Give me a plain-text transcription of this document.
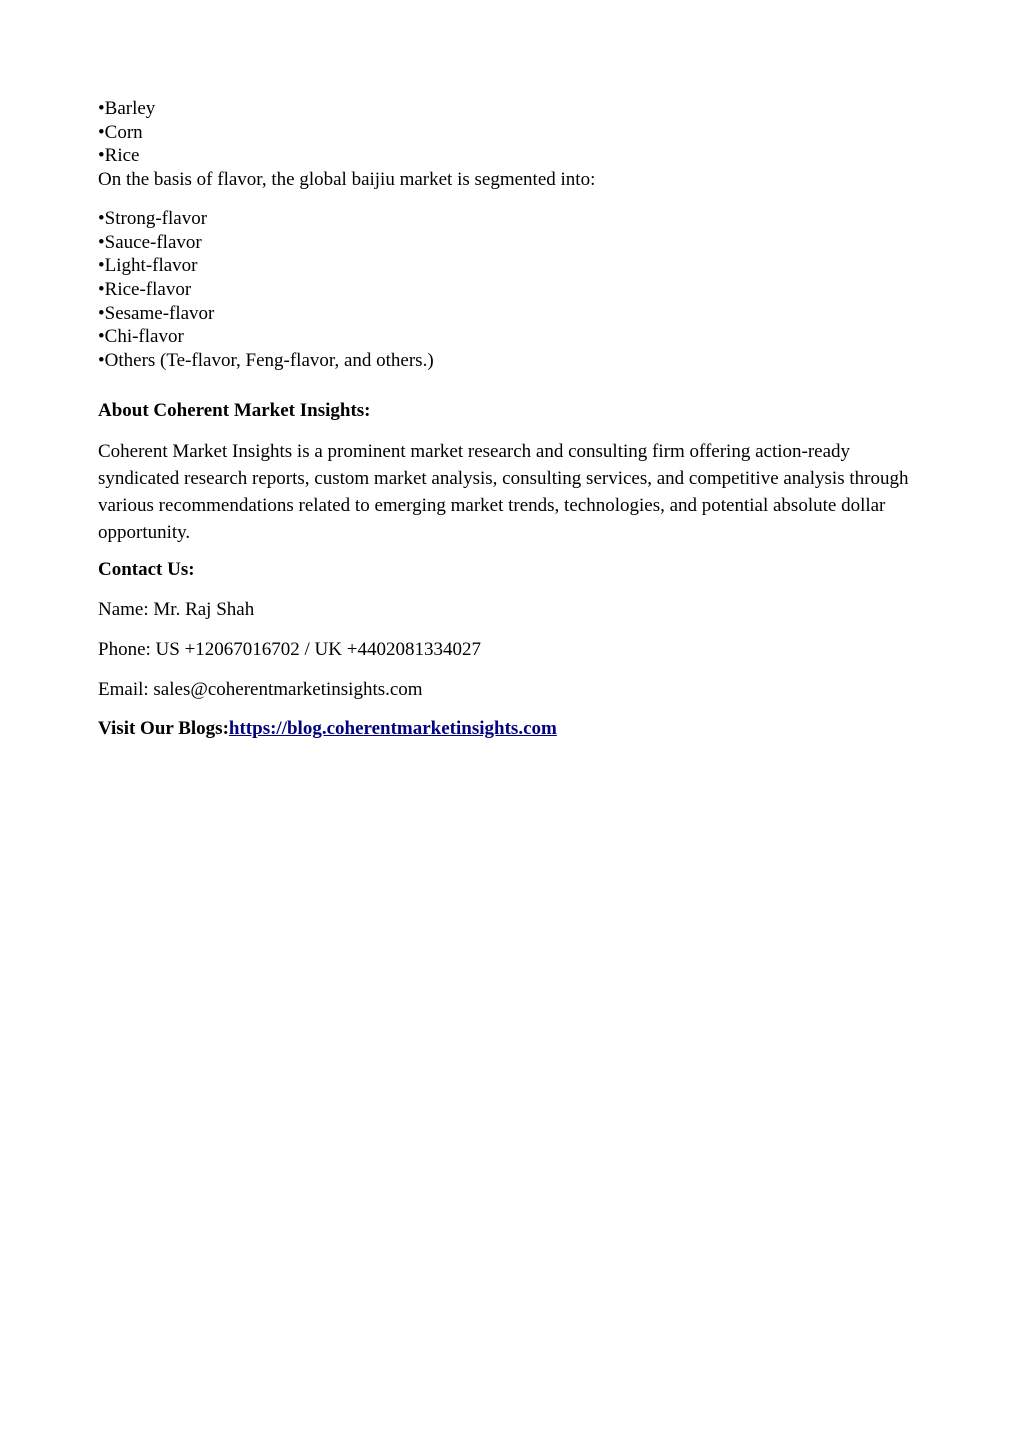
•Barley
•Corn
•Rice

On the basis of flavor, the global baijiu market is segmented into:

•Strong-flavor
•Sauce-flavor
•Light-flavor
•Rice-flavor
•Sesame-flavor
•Chi-flavor
•Others (Te-flavor, Feng-flavor, and others.)

About Coherent Market Insights:

Coherent Market Insights is a prominent market research and consulting firm offering action-ready syndicated research reports, custom market analysis, consulting services, and competitive analysis through various recommendations related to emerging market trends, technologies, and potential absolute dollar opportunity.

Contact Us:

Name: Mr. Raj Shah

Phone: US +12067016702 / UK +4402081334027

Email: sales@coherentmarketinsights.com

Visit Our Blogs:https://blog.coherentmarketinsights.com
